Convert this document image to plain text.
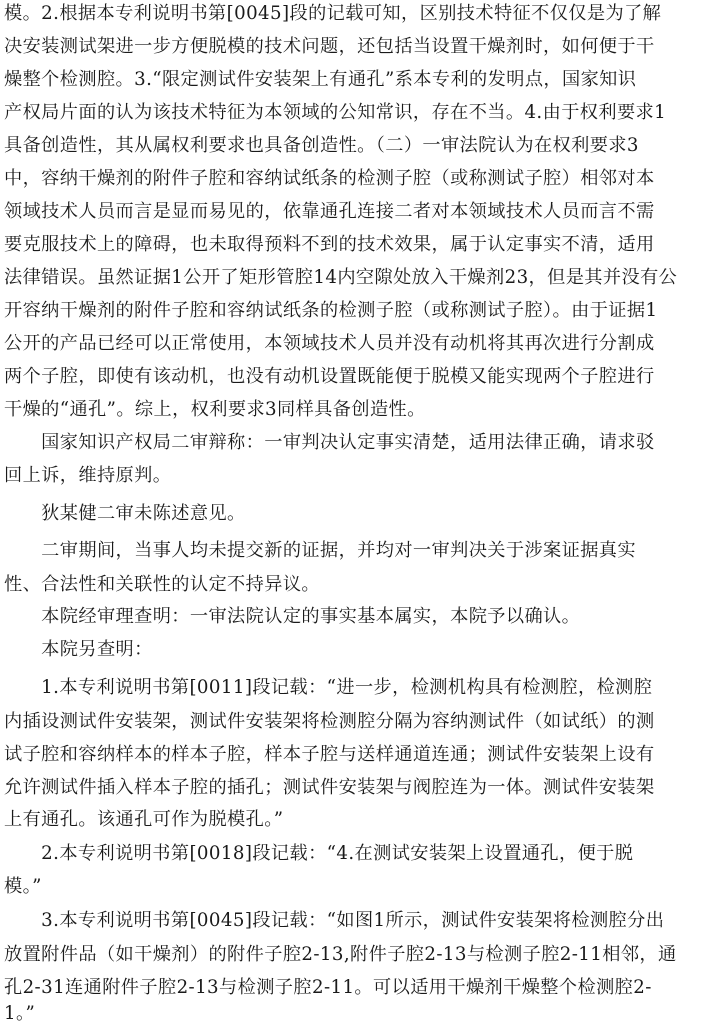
模。2.根据本专利说明书第[0045]段的记载可知，区别技术特征不仅仅是为了解
决安装测试架进一步方便脱模的技术问题，还包括当设置干燥剂时，如何便于干
燥整个检测腔。3.“限定测试件安装架上有通孔”系本专利的发明点，国家知识
产权局片面的认为该技术特征为本领域的公知常识，存在不当。4.由于权利要求1
具备创造性，其从属权利要求也具备创造性。（二）一审法院认为在权利要求3
中，容纳干燥剂的附件子腔和容纳试纸条的检测子腔（或称测试子腔）相邻对本
领域技术人员而言是显而易见的，依靠通孔连接二者对本领域技术人员而言不需
要克服技术上的障碍，也未取得预料不到的技术效果，属于认定事实不清，适用
法律错误。虽然证据1公开了矩形管腔14内空隙处放入干燥剂23，但是其并没有公
开容纳干燥剂的附件子腔和容纳试纸条的检测子腔（或称测试子腔）。由于证据1
公开的产品已经可以正常使用，本领域技术人员并没有动机将其再次进行分割成
两个子腔，即使有该动机，也没有动机设置既能便于脱模又能实现两个子腔进行
干燥的“通孔”。综上，权利要求3同样具备创造性。
　　国家知识产权局二审辩称：一审判决认定事实清楚，适用法律正确，请求驳
回上诉，维持原判。
　　狄某健二审未陈述意见。
　　二审期间，当事人均未提交新的证据，并均对一审判决关于涉案证据真实
性、合法性和关联性的认定不持异议。
　　本院经审理查明：一审法院认定的事实基本属实，本院予以确认。
　　本院另查明：
　　1.本专利说明书第[0011]段记载：“进一步，检测机构具有检测腔，检测腔
内插设测试件安装架，测试件安装架将检测腔分隔为容纳测试件（如试纸）的测
试子腔和容纳样本的样本子腔，样本子腔与送样通道连通；测试件安装架上设有
允许测试件插入样本子腔的插孔；测试件安装架与阀腔连为一体。测试件安装架
上有通孔。该通孔可作为脱模孔。”
　　2.本专利说明书第[0018]段记载：“4.在测试安装架上设置通孔，便于脱
模。”
　　3.本专利说明书第[0045]段记载：“如图1所示，测试件安装架将检测腔分出
放置附件品（如干燥剂）的附件子腔2-13,附件子腔2-13与检测子腔2-11相邻，通
孔2-31连通附件子腔2-13与检测子腔2-11。可以适用干燥剂干燥整个检测腔2-
1。”
